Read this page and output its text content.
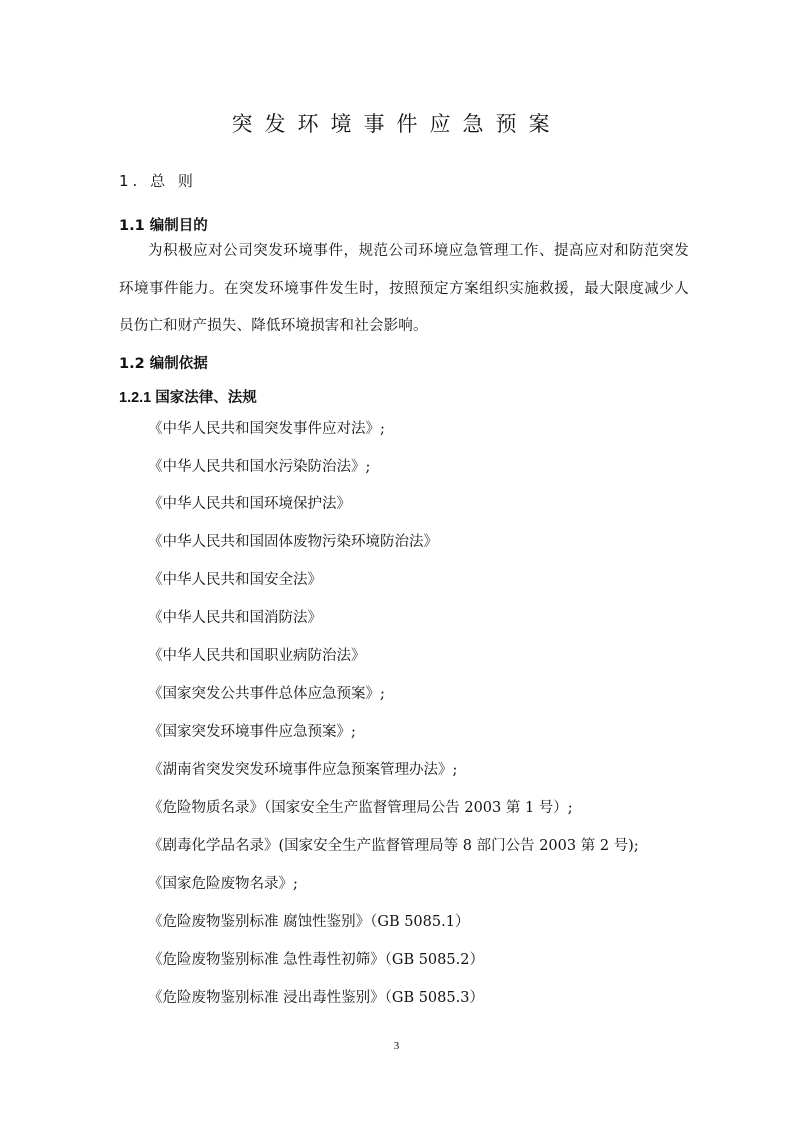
突发环境事件应急预案
1. 总 则
1.1 编制目的
为积极应对公司突发环境事件，规范公司环境应急管理工作、提高应对和防范突发环境事件能力。在突发环境事件发生时，按照预定方案组织实施救援，最大限度减少人员伤亡和财产损失、降低环境损害和社会影响。
1.2 编制依据
1.2.1 国家法律、法规
《中华人民共和国突发事件应对法》;
《中华人民共和国水污染防治法》;
《中华人民共和国环境保护法》
《中华人民共和国固体废物污染环境防治法》
《中华人民共和国安全法》
《中华人民共和国消防法》
《中华人民共和国职业病防治法》
《国家突发公共事件总体应急预案》;
《国家突发环境事件应急预案》;
《湖南省突发突发环境事件应急预案管理办法》;
《危险物质名录》（国家安全生产监督管理局公告 2003 第 1 号）;
《剧毒化学品名录》(国家安全生产监督管理局等 8 部门公告 2003 第 2 号);
《国家危险废物名录》;
《危险废物鉴别标准 腐蚀性鉴别》（GB 5085.1）
《危险废物鉴别标准 急性毒性初筛》（GB 5085.2）
《危险废物鉴别标准 浸出毒性鉴别》（GB 5085.3）
3
